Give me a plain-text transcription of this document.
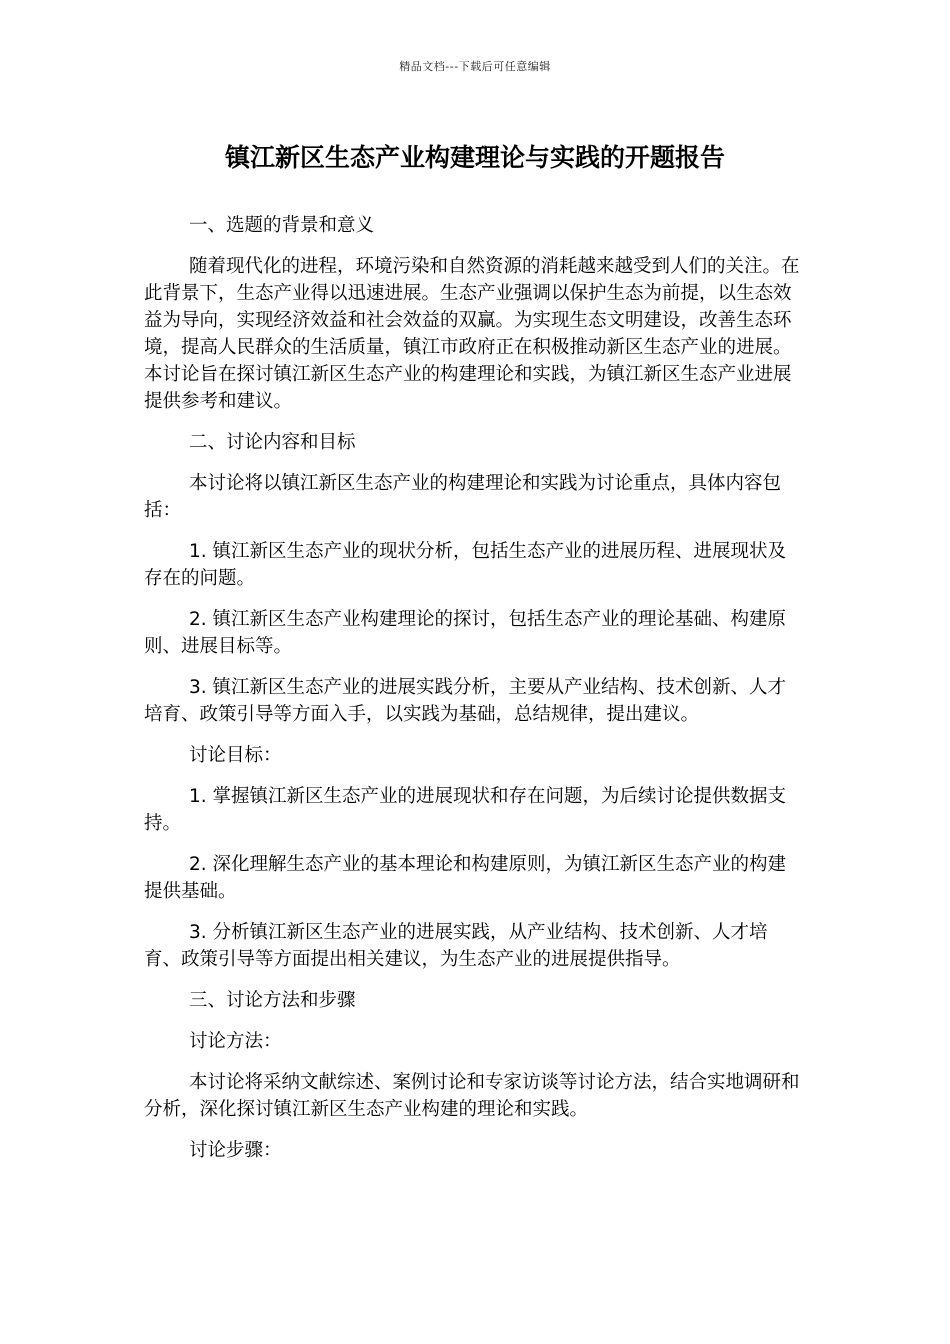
精品文档---下载后可任意编辑
镇江新区生态产业构建理论与实践的开题报告

一、选题的背景和意义

随着现代化的进程，环境污染和自然资源的消耗越来越受到人们的关注。在此背景下，生态产业得以迅速进展。生态产业强调以保护生态为前提，以生态效益为导向，实现经济效益和社会效益的双赢。为实现生态文明建设，改善生态环境，提高人民群众的生活质量，镇江市政府正在积极推动新区生态产业的进展。本讨论旨在探讨镇江新区生态产业的构建理论和实践，为镇江新区生态产业进展提供参考和建议。

二、讨论内容和目标

本讨论将以镇江新区生态产业的构建理论和实践为讨论重点，具体内容包括：

1. 镇江新区生态产业的现状分析，包括生态产业的进展历程、进展现状及存在的问题。

2. 镇江新区生态产业构建理论的探讨，包括生态产业的理论基础、构建原则、进展目标等。

3. 镇江新区生态产业的进展实践分析，主要从产业结构、技术创新、人才培育、政策引导等方面入手，以实践为基础，总结规律，提出建议。

讨论目标：

1. 掌握镇江新区生态产业的进展现状和存在问题，为后续讨论提供数据支持。

2. 深化理解生态产业的基本理论和构建原则，为镇江新区生态产业的构建提供基础。

3. 分析镇江新区生态产业的进展实践，从产业结构、技术创新、人才培育、政策引导等方面提出相关建议，为生态产业的进展提供指导。

三、讨论方法和步骤

讨论方法：

本讨论将采纳文献综述、案例讨论和专家访谈等讨论方法，结合实地调研和分析，深化探讨镇江新区生态产业构建的理论和实践。

讨论步骤：
